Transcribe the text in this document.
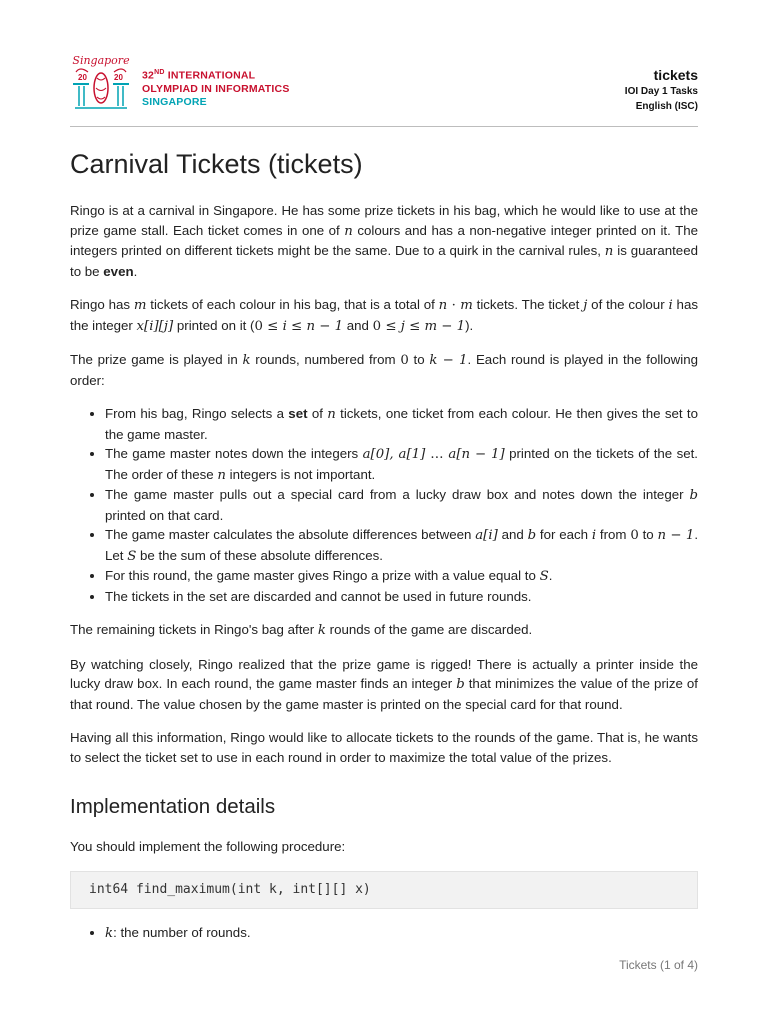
Singapore
20	20 32ND INTERNATIONAL
OLYMPIAD IN INFORMATICS
SINGAPORE
tickets
IOI Day 1 Tasks
English (ISC)
Carnival Tickets (tickets)

Ringo is at a carnival in Singapore. He has some prize tickets in his bag, which he would like to use at the prize game stall. Each ticket comes in one of n colours and has a non-negative integer printed on it. The integers printed on different tickets might be the same. Due to a quirk in the carnival rules, n is guaranteed to be even.

Ringo has m tickets of each colour in his bag, that is a total of n · m tickets. The ticket j of the colour i has the integer x[i][j] printed on it (0 ≤ i ≤ n − 1 and 0 ≤ j ≤ m − 1).

The prize game is played in k rounds, numbered from 0 to k − 1. Each round is played in the following order:

• From his bag, Ringo selects a set of n tickets, one ticket from each colour. He then gives the set to the game master.
• The game master notes down the integers a[0], a[1] … a[n − 1] printed on the tickets of the set. The order of these n integers is not important.
• The game master pulls out a special card from a lucky draw box and notes down the integer b printed on that card.
• The game master calculates the absolute differences between a[i] and b for each i from 0 to n − 1. Let S be the sum of these absolute differences.
• For this round, the game master gives Ringo a prize with a value equal to S.
• The tickets in the set are discarded and cannot be used in future rounds.

The remaining tickets in Ringo's bag after k rounds of the game are discarded.

By watching closely, Ringo realized that the prize game is rigged! There is actually a printer inside the lucky draw box. In each round, the game master finds an integer b that minimizes the value of the prize of that round. The value chosen by the game master is printed on the special card for that round.

Having all this information, Ringo would like to allocate tickets to the rounds of the game. That is, he wants to select the ticket set to use in each round in order to maximize the total value of the prizes.

Implementation details

You should implement the following procedure:

int64 find_maximum(int k, int[][] x)
• k: the number of rounds.
Tickets (1 of 4)
